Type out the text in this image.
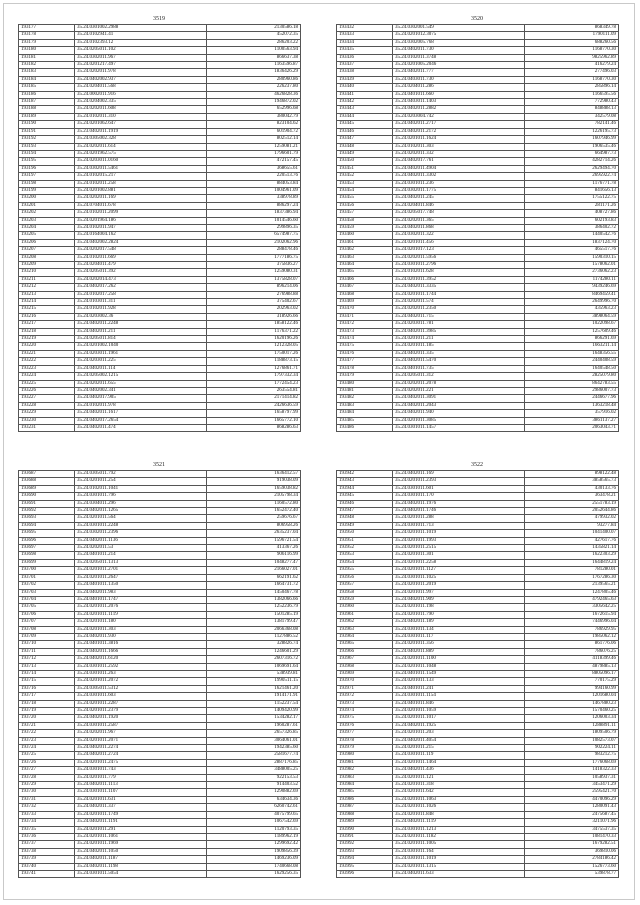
3519
193177	35.24.0301002.2988	2130586.18
193178	35.24.0102941.41	452072.35
193179	35.24.0102393.12	286203.22
193180	35.24.0205011.102	1100563.94
193181	35.24.0302011.967	866637.38
193182	35.24.0201217.497	1163596.87
193183	35.24.0202011.978	1836426.29
193184	35.24.0402002.937	280960.86
193185	35.24.0204011.568	226237.80
193186	35.24.0002011.916	4626828.36
193187	35.24.0204002.335	1946872.02
193188	35.24.0202011.608	652996.68
193189	35.24.0102011.310	380042.79
193190	35.24.0201062.647	823104.62
193191	35.23.0402011.1919	601904.72
193192	35.24.0305002.328	802512.14
193193	35.24.0202011.614	1259081.21
193194	35.24.0201962.575	1796601.79
193195	35.24.0203011.0160	472157.45
193196	35.24.0302011.5461	368655.61
193197	35.24.0102015.217	220513.76
193198	35.24.0102011.258	884053.84
193199	35.24.0201002.881	1004961.09
193200	35.24.0202011.169	338978.89
193201	35.24.0704011.678	886297.24
193202	35.24.0102011.2099	1837386.94
193203	35.24.0201964.186	1014546.60
193204	35.24.0102011.947	299896.35
193205	35.24.0164004.162	6574987.75
193206	35.24.0402002.2824	2102062.96
193207	35.24.0202017.548	288478.46
193208	35.24.0102011.669	1777186.75
193209	35.24.0204011.479	375836.27
193210	35.24.0205011.392	1259080.31
193211	35.24.0202014.473	1375828.07
193212	35.24.0402017.262	896214.06
193213	35.24.0102017.258	276988.88
193214	35.24.0103011.311	375402.67
193215	35.24.0102011.928	202963.02
193216	35.24.0203002.36	318926.66
193217	35.24.0402011.2248	1858122.46
193218	35.24.0402011.211	1176371.22
193219	35.24.0205011.814	1620196.26
193220	35.24.0201002.1040	1212328.05
193221	35.24.0203011.1961	1750017.26
193222	35.24.0203011.225	1188873.15
193223	35.24.0402011.114	1276861.71
193224	35.24.0205002.1215	1797332.34
193225	35.24.0202011.655	1772454.23
193226	35.24.0402002.341	263554.81
193227	35.24.0402017.905	2171414.82
193228	35.24.0102011.978	2426636.59
193229	35.24.0402011.1617	1658797.99
193230	35.24.0402017.2654	1665772.10
193231	35.24.0402011.474	868286.63
3520
193432	35.24.0302001.549	868349.78
193433	35.24.0201012.3075	1790111.09
193434	35.24.0302005.768	688260.56
193435	35.24.0402011.730	1168770.30
193436	35.24.0102011.3748	9825962.89
193437	35.24.0201005.2046	416279.24
193438	35.24.0402011.777	277496.03
193439	35.24.0403011.730	1168770.30
193440	35.24.0204011.286	285896.14
193441	35.24.0401011.660	1166595.56
193442	35.24.0403011.1403	772980.43
193443	35.24.0402011.2882	848888.13
193444	35.24.0203004.742	342579.08
193445	35.24.0402011.2717	782141.46
193446	35.24.0402011.2172	1226195.73
193447	35.24.0201011.1624	1607946.99
193448	35.24.0102011.303	1906535.46
193449	35.24.0202011.332	664987.73
193450	35.24.0402017.761	4282714.26
193451	35.24.0402011.4904	2629494.70
193452	35.24.0402011.3302	2695922.74
193453	35.24.0301011.236	1176771.78
193454	35.24.0302011.1775	841656.13
193455	35.24.0402011.245	1755122.75
193456	35.24.0204011.846	281171.26
193457	35.24.0205017.748	408727.86
193458	35.24.0202011.365	602193.83
193459	35.24.0402011.868	386402.72
193460	35.24.0302011.322	1440542.76
193461	35.24.0201011.456	1837124.70
193462	35.24.0201017.123	465517.76
193463	35.24.0202011.5956	1590310.15
193464	35.24.0301011.2796	1578062.01
193465	35.24.0102011.628	2736062.23
193466	35.24.0201011.3952	1174280.11
193467	35.24.0402011.3335	9439246.69
193468	35.24.0201011.1744	8469459.41
193469	35.24.0202011.574	2649996.70
193470	35.24.0202011.2350	435963.23
193471	35.24.0402011.715	3898064.59
193472	35.24.0203011.781	1022098.67
193473	35.24.0402011.3985	1257609.46
193474	35.24.0201011.211	866291.69
193475	35.24.0201011.185	1663211.14
193476	35.24.0402011.335	1648356.55
193477	35.24.0402011.5470	2440408.59
193478	35.24.0401011.735	1640548.50
193479	35.24.0205011.312	2825079.80
193480	35.24.0202011.2078	8642783.55
193481	35.24.0202011.221	2986007.73
193482	35.24.0402011.3091	2446677.96
193483	35.24.0402011.2043	1363218.48
193484	35.24.0402011.940	357916.02
193485	35.24.0201011.3085	3861137.27
193486	35.24.0301011.1457	2063043.71
3521
193687	35.24.0305011.792	1636412.57
193688	35.24.0201011.254	919038.09
193689	35.24.0102011.1041	1659038.82
193690	35.24.0301011.796	2105798.34
193691	35.24.0304011.296	1160572.80
193692	35.24.0402011.1265	1652472.40
193693	35.24.0201011.564	259676.67
193694	35.24.0301011.2248	806958.26
193695	35.24.0302011.2396	2635237.04
193696	35.24.0402011.1136	1596721.54
193697	35.24.0202011.53	413367.26
193698	35.24.0401011.214	906116.99
193699	35.24.0205011.1313	1048277.47
193700	35.24.0201011.2701	2166027.01
193701	35.24.0201011.2647	662191.62
193702	35.24.0401011.1350	1664731.72
193703	35.24.0402011.983	1450467.78
193704	35.24.0401011.1747	1382066.66
193705	35.24.0201011.2076	1252236.79
193706	35.24.0201011.1119	1501285.19
193707	35.24.0201011.180	1381799.47
193708	35.24.0201011.303	2066368.08
193709	35.24.0402011.930	1127886.52
193710	35.24.0401011.3816	328826.74
193711	35.24.0402011.1666	1246601.29
193712	35.24.0402011.6120	2607316.72
193713	35.24.0301011.2592	1069691.64
193714	35.24.0301011.263	538939.81
193715	35.24.0201011.2072	1990511.15
193716	35.24.0305011.5312	1621461.20
193717	35.24.0301011.603	1914171.91
193718	35.24.0201011.2287	1152237.54
193719	35.24.0201011.2379	1409420.99
193720	35.24.0402011.1920	1534282.17
193721	35.24.0301011.2587	1960287.61
193722	35.24.0202011.967	2657326.85
193723	35.24.0201011.2071	3064061.01
193724	35.24.0402011.2274	1942385.60
193725	35.24.0402011.2724	2581677.74
193726	35.24.0201011.2475	2887176.85
193727	35.24.0301011.743	3488005.25
193728	35.24.0201011.779	922153.53
193729	35.24.0402011.1113	914403.52
193730	35.24.0301011.1107	1290882.69
193731	35.24.0201011.631	634634.36
193732	35.24.0402011.337	6260742.61
193733	35.24.0201011.1749	4075799.65
193734	35.24.0402011.1191	1067542.69
193735	35.24.0201011.291	1120793.35
193736	35.24.0201011.1061	1189962.19
193737	35.24.0201011.1969	1299692.42
193738	35.24.0402011.1050	1909856.39
193739	35.24.0402011.1187	1469236.09
193740	35.24.0402011.1198	1740668.08
193741	35.24.0301011.5054	1629256.35
3522
193942	35.24.0402011.169	898122.48
193943	35.24.0201011.2393	3858565.73
193944	35.24.0301011.601	430133.76
193945	35.24.0301011.170	363478.21
193946	35.24.0402011.1976	2551783.19
193947	35.24.0402011.1746	2052644.86
193948	35.24.0201011.288	479932.02
193949	35.24.0301011.713	93277.84
193950	35.24.0201011.1019	1041400.07
193951	35.24.0201011.1993	427617.76
193952	35.24.0201011.2515	1435821.14
193953	35.24.0201011.301	1622303.29
193954	35.24.0201011.2258	1644819.24
193955	35.24.0201011.1127	781280.01
193956	35.24.0301011.1025	1767286.30
193957	35.24.0201011.2019	2139565.21
193958	35.24.0201011.997	1247805.46
193959	35.24.0402011.909	4792465.63
193960	35.24.0201011.198	3305642.25
193961	35.24.0201011.790	1672615.94
193962	35.24.0402011.189	7446996.04
193963	35.24.0301011.134	786929.95
193964	35.24.0301011.117	1985062.12
193965	35.24.0201011.356	861776.06
193966	35.24.0402011.889	786076.25
193967	35.24.0201011.1100	4118399.46
193968	35.24.0201011.1048	4879885.13
193969	35.24.0401011.1549	8805096.17
193970	35.24.0201011.133	770175.29
193971	35.24.0401011.241	994160.99
193972	35.24.0301011.1154	1201680.04
193973	35.24.0401011.846	1467880.23
193974	35.24.0201011.1059	1570460.25
193975	35.24.0201011.1017	1206003.34
193976	35.24.0402011.1925	1288891.11
193977	35.24.0201011.203	1809506.79
193978	35.24.0402011.4054	1082573.07
193979	35.24.0201011.215	902224.11
193980	35.24.0301011.119	983212.75
193981	35.24.0201011.1464	1776068.69
193982	35.24.0402011.436	1418322.33
193983	35.24.0201011.121	1058937.31
193984	35.24.0201011.318	3453471.29
193985	35.24.0201011.642	2595421.70
193986	35.24.0201011.1063	4470096.29
193987	35.24.0201011.1026	1280091.43
193988	35.24.0201011.848	2475687.45
193989	35.24.0402011.1119	3211071.96
193990	35.24.0301011.1213	3475537.35
193991	35.24.0201011.1182	1081470.33
193992	35.24.0201011.1005	1679282.51
193993	35.24.0301011.164	369810.06
193994	35.24.0301011.1019	2784186.42
193995	35.24.0201011.1315	1526773.60
193996	35.24.0402011.633	539878.77
